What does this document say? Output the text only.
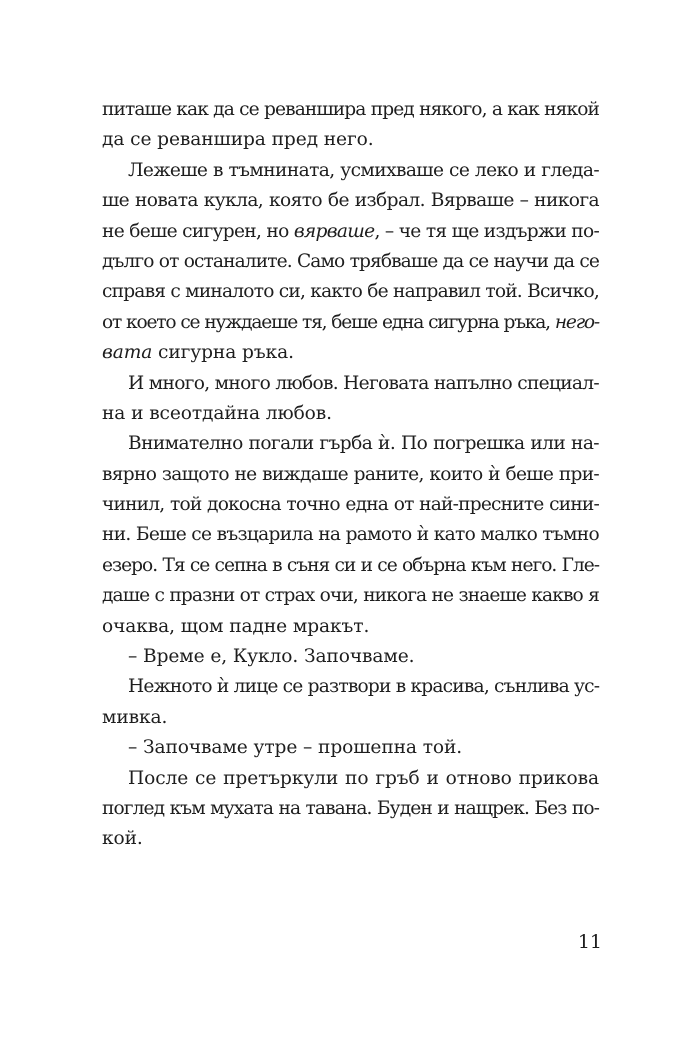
питаше как да се реваншира пред някого, а как някой
да се реваншира пред него.
Лежеше в тъмнината, усмихваше се леко и гледа-
ше новата кукла, която бе избрал. Вярваше – никога
не беше сигурен, но вярваше, – че тя ще издържи по-
дълго от останалите. Само трябваше да се научи да се
справя с миналото си, както бе направил той. Всичко,
от което се нуждаеше тя, беше една сигурна ръка, него-
вата сигурна ръка.
И много, много любов. Неговата напълно специал-
на и всеотдайна любов.
Внимателно погали гърба ѝ. По погрешка или на-
вярно защото не виждаше раните, които ѝ беше при-
чинил, той докосна точно една от най-пресните сини-
ни. Беше се възцарила на рамото ѝ като малко тъмно
езеро. Тя се сепна в съня си и се обърна към него. Гле-
даше с празни от страх очи, никога не знаеше какво я
очаква, щом падне мракът.
– Време е, Кукло. Започваме.
Нежното ѝ лице се разтвори в красива, сънлива ус-
мивка.
– Започваме утре – прошепна той.
После се претъркули по гръб и отново прикова
поглед към мухата на тавана. Буден и нащрек. Без по-
кой.
11
